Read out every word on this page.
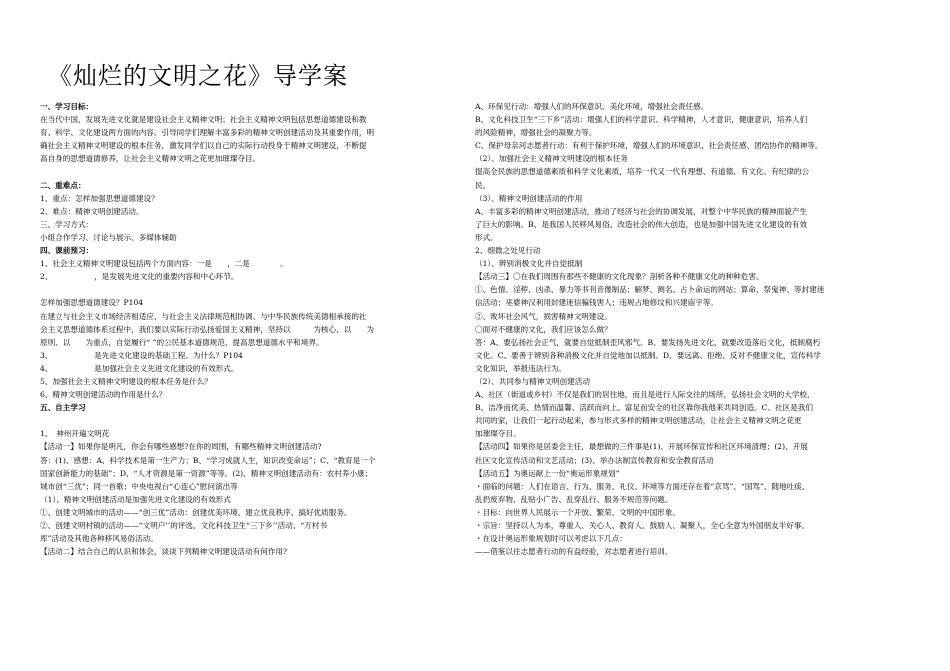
《灿烂的文明之花》导学案
一、学习目标：
在当代中国，发展先进文化就是建设社会主义精神文明；社会主义精神文明包括思想道德建设和教
育、科学、文化建设两方面的内容。引导同学们理解丰富多彩的精神文明创建活动及其重要作用，明
确社会主义精神文明建设的根本任务，激发同学们以自己的实际行动投身于精神文明建设，不断提
高自身的思想道德修养，让社会主义精神文明之花更加璀璨夺目。
二、重难点：
1、重点：怎样加强思想道德建设？
2、难点：精神文明创建活动。
三、学习方式：
小组合作学习、讨论与展示、多媒体辅助
四、课前预习：
1、社会主义精神文明建设包括两个方面内容：一是　　，二是　　　　。
2、　　　　　　，是发展先进文化的重要内容和中心环节。
怎样加强思想道德建设？P104
在建立与社会主义市场经济相适应、与社会主义法律规范相协调、与中华民族传统美德相承接的社
会主义思想道德体系过程中，我们要以实际行动弘扬爱国主义精神，坚持以　　　为核心、以　　为
原则、以　　为重点，自觉履行“ ”的公民基本道德规范，提高思想道德水平和境界。
3、　　　　　　是先进文化建设的基础工程。为什么？P104
4、　　　　　　是加强社会主义先进文化建设的有效形式。
5、加强社会主义精神文明建设的根本任务是什么？
6、精神文明创建活动的作用是什么？
五、自主学习
1、　神州开遍文明花
【活动一】如果你是明凡，你会有哪些感想?在你的周围，有哪些精神文明创建活动?
答：(1)、感想：A、科学技术是第一生产力；B、“学习成就人生，知识改变命运”；C、“教育是一个
国家创新能力的基础”；D、“人才资源是第一资源”等等。(2)、精神文明创建活动有：农村养小康；
城市创“三优”；同一首歌；中央电视台“心连心”慰问演出等
（1）、精神文明创建活动是加强先进文化建设的有效形式
①、创建文明城市的活动——“创三优”活动：创建优美环境、建立优良秩序、搞好优质服务。
②、创建文明村镇的活动——“文明户’’的评选、文化科技卫生“三下乡’’活动、“万村书
库”活动及其他各种移风易俗活动。
【活动二】结合自己的认识和体会，谈谈下列精神文明建设活动有何作用?
A、环保见行动：增强人们的环保意识、美化环境，增强社会责任感。
B、文化科技卫生“三下乡”活动：增强人们的科学意识、科学精神，人才意识，健康意识，培养人们
的风险精神，增强社会的凝聚力等。
C、保护母亲河志愿者行动：有利于保护环境，增强人们的环境意识、社会责任感、团结协作的精神等。
（2）、加强社会主义精神文明建设的根本任务
提高全民族的思想道德素质和科学文化素质，培养一代又一代有理想、有道德、有文化、有纪律的公
民。
（3）、精神文明创建活动的作用
A、丰富多彩的精神文明创建活动，推动了经济与社会的协调发展，对整个中华民族的精神面貌产生
了巨大的影响。B、是我国人民移风易俗、改造社会的伟大创造，也是加强中国先进文化建设的有效
形式。
2、细微之处见行动
（1）、辨别消极文化并自觉抵制
【活动三】〇在我们周围有那些不健康的文化现象？剖析各种不健康文化的种种危害。
①、色情、淫秽、凶杀、暴力等书刊音像制品；解梦、测名、占卜命运的网站；算命、祭鬼神、等封建迷
信活动；巫婆神汉利用封建迷信骗钱害人；违规占地修坟和兴建庙宇等。
②、败坏社会风气，损害精神文明建设。
〇面对不健康的文化，我们应该怎么做？
答：A、要弘扬社会正气，就要自觉抵制歪风邪气。B、要发扬先进文化，就要改造落后文化，抵制腐朽
文化。C、要善于辨别各种消极文化并自觉地加以抵制。D、要远离、拒绝、反对不健康文化，宣传科学
文化知识，举报违法行为。
（2）、共同参与精神文明创建活动
A、社区（街道或乡村）不仅是我们的居住地，而且是进行人际交往的场所，弘扬社会文明的大学校，
B、洁净而优美、热情而温馨、活跃而向上、富足而安全的社区靠你我他来共同创造。C、社区是我们
共同的家，让我们一起行动起来，参与形式多样的精神文明创建活动，让社会主义精神文明之花更
加璀璨夺目。
【活动四】如果你是居委会主任，最想做的三件事是(1)、开展环保宣传和社区环境清理；(2)、开展
社区文化宣传活动和文艺活动；(3)、举办法制宣传教育和安全教育活动
【活动五】为奥运献上一份“奥运形象规划”
・面临的问题：人们在语言、行为、服务、礼仪、环境等方面还存在着“京骂”、“国骂”、随地吐痰、
乱扔废弃物、乱贴小广告、乱穿乱行、服务不规范等问题。
・目标：向世界人民展示一个开放、繁荣、文明的中国形象。
・宗旨：坚持以人为本，尊重人、关心人、教育人、鼓励人、凝聚人，全心全意为外国朋友半好事。
・在设计奥运形象规划时可以考虑以下几点：
——借鉴以往志愿者行动的有益经验，对志愿者进行培训。
